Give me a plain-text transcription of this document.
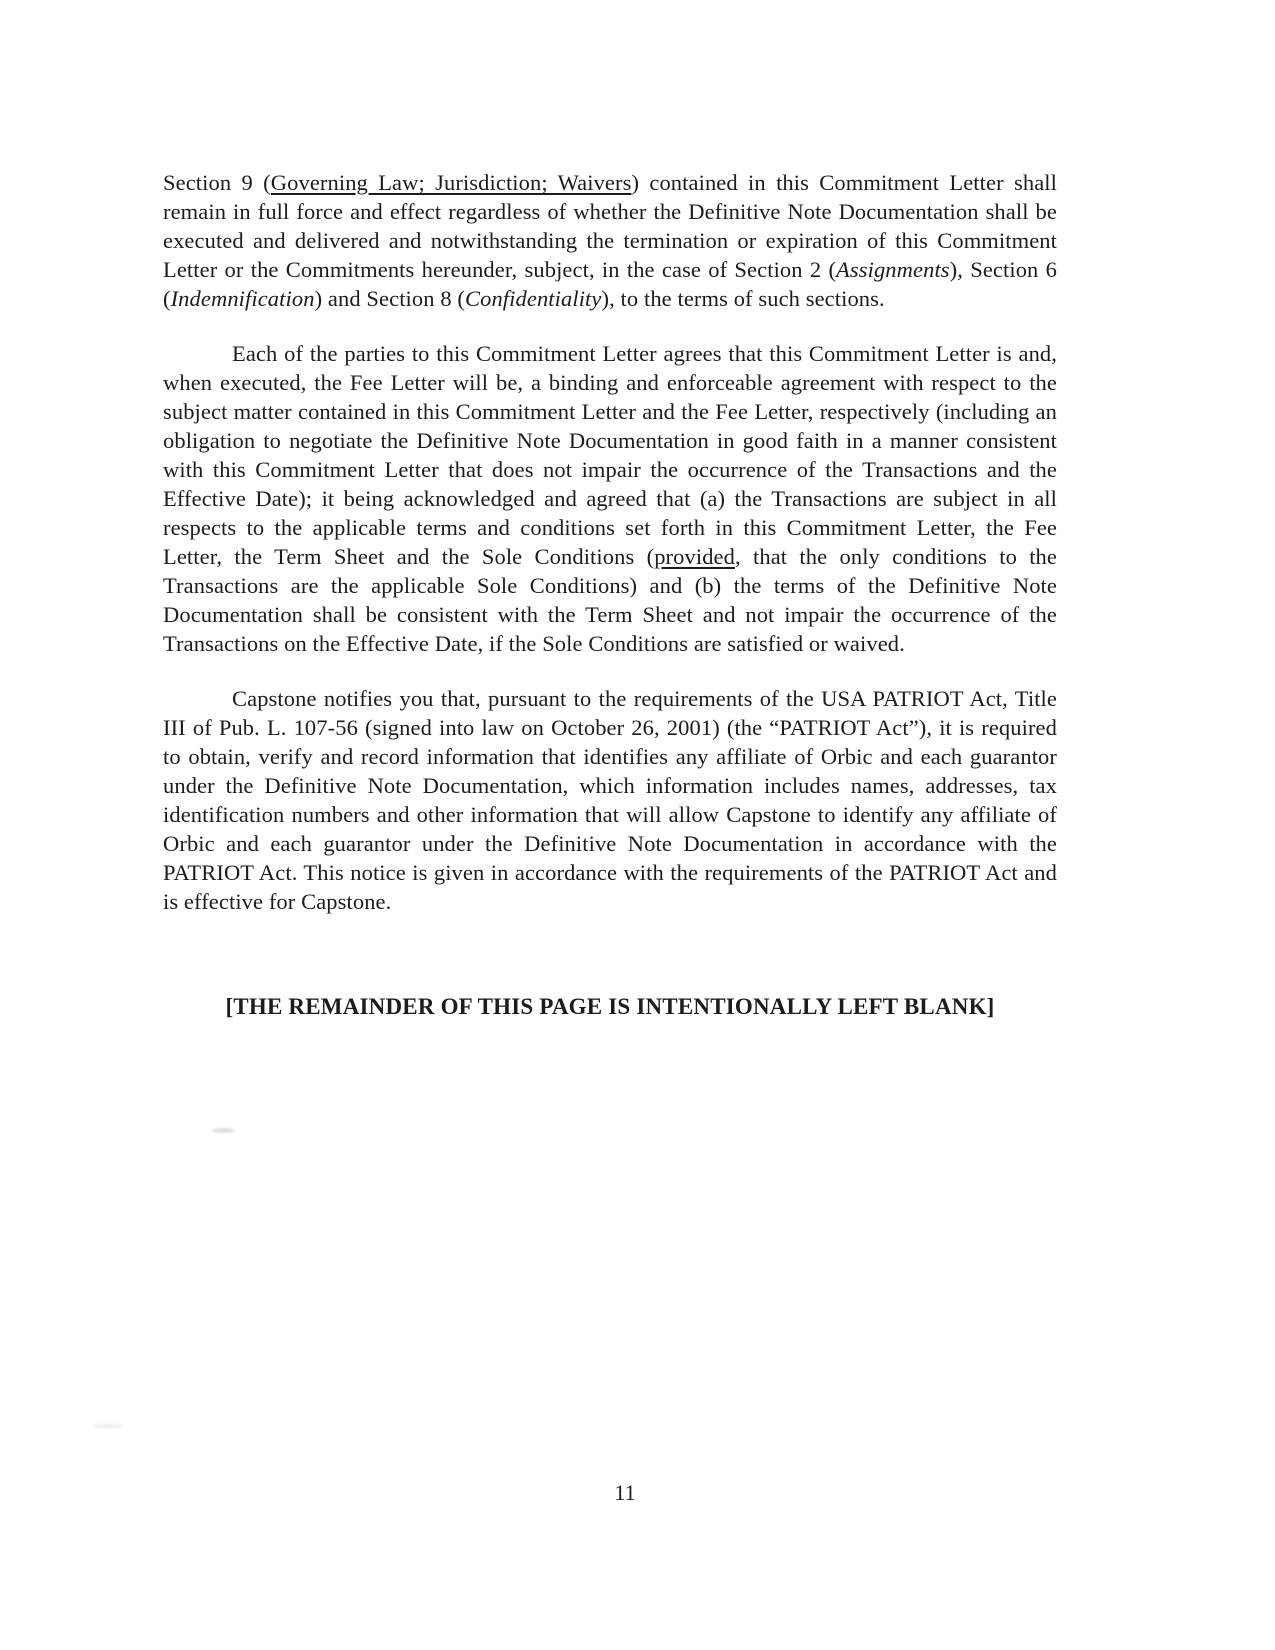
Section 9 (Governing Law; Jurisdiction; Waivers) contained in this Commitment Letter shall remain in full force and effect regardless of whether the Definitive Note Documentation shall be executed and delivered and notwithstanding the termination or expiration of this Commitment Letter or the Commitments hereunder, subject, in the case of Section 2 (Assignments), Section 6 (Indemnification) and Section 8 (Confidentiality), to the terms of such sections.

Each of the parties to this Commitment Letter agrees that this Commitment Letter is and, when executed, the Fee Letter will be, a binding and enforceable agreement with respect to the subject matter contained in this Commitment Letter and the Fee Letter, respectively (including an obligation to negotiate the Definitive Note Documentation in good faith in a manner consistent with this Commitment Letter that does not impair the occurrence of the Transactions and the Effective Date); it being acknowledged and agreed that (a) the Transactions are subject in all respects to the applicable terms and conditions set forth in this Commitment Letter, the Fee Letter, the Term Sheet and the Sole Conditions (provided, that the only conditions to the Transactions are the applicable Sole Conditions) and (b) the terms of the Definitive Note Documentation shall be consistent with the Term Sheet and not impair the occurrence of the Transactions on the Effective Date, if the Sole Conditions are satisfied or waived.

Capstone notifies you that, pursuant to the requirements of the USA PATRIOT Act, Title III of Pub. L. 107-56 (signed into law on October 26, 2001) (the “PATRIOT Act”), it is required to obtain, verify and record information that identifies any affiliate of Orbic and each guarantor under the Definitive Note Documentation, which information includes names, addresses, tax identification numbers and other information that will allow Capstone to identify any affiliate of Orbic and each guarantor under the Definitive Note Documentation in accordance with the PATRIOT Act. This notice is given in accordance with the requirements of the PATRIOT Act and is effective for Capstone.

[THE REMAINDER OF THIS PAGE IS INTENTIONALLY LEFT BLANK]

11
